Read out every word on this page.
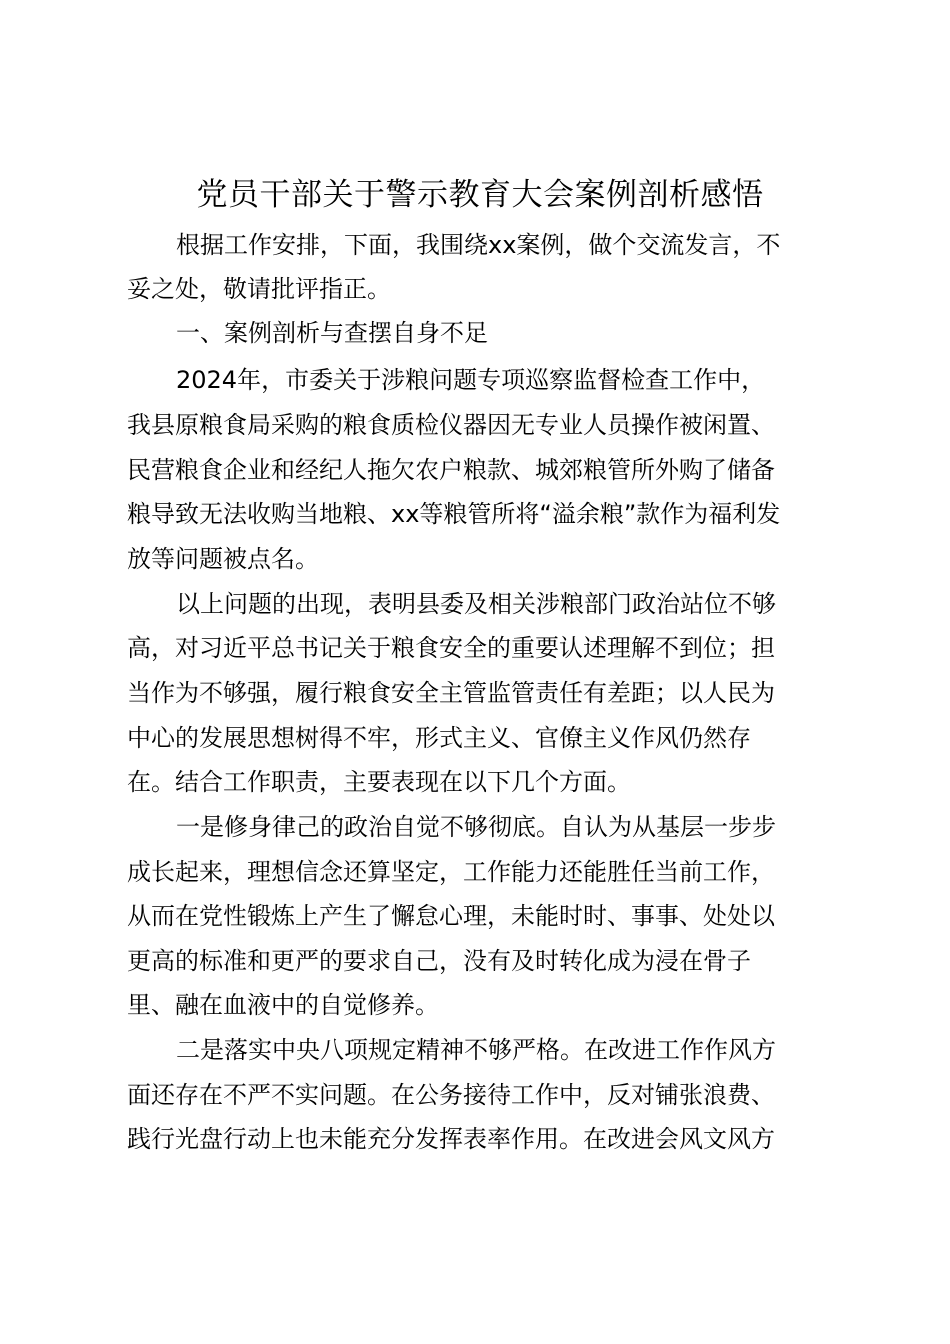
党员干部关于警示教育大会案例剖析感悟
根据工作安排，下面，我围绕xx案例，做个交流发言，不
妥之处，敬请批评指正。
一、案例剖析与查摆自身不足
2024年，市委关于涉粮问题专项巡察监督检查工作中，
我县原粮食局采购的粮食质检仪器因无专业人员操作被闲置、
民营粮食企业和经纪人拖欠农户粮款、城郊粮管所外购了储备
粮导致无法收购当地粮、xx等粮管所将“溢余粮”款作为福利发
放等问题被点名。
以上问题的出现，表明县委及相关涉粮部门政治站位不够
高，对习近平总书记关于粮食安全的重要认述理解不到位；担
当作为不够强，履行粮食安全主管监管责任有差距；以人民为
中心的发展思想树得不牢，形式主义、官僚主义作风仍然存
在。结合工作职责，主要表现在以下几个方面。
一是修身律己的政治自觉不够彻底。自认为从基层一步步
成长起来，理想信念还算坚定，工作能力还能胜任当前工作，
从而在党性锻炼上产生了懈怠心理，未能时时、事事、处处以
更高的标准和更严的要求自己，没有及时转化成为浸在骨子
里、融在血液中的自觉修养。
二是落实中央八项规定精神不够严格。在改进工作作风方
面还存在不严不实问题。在公务接待工作中，反对铺张浪费、
践行光盘行动上也未能充分发挥表率作用。在改进会风文风方
